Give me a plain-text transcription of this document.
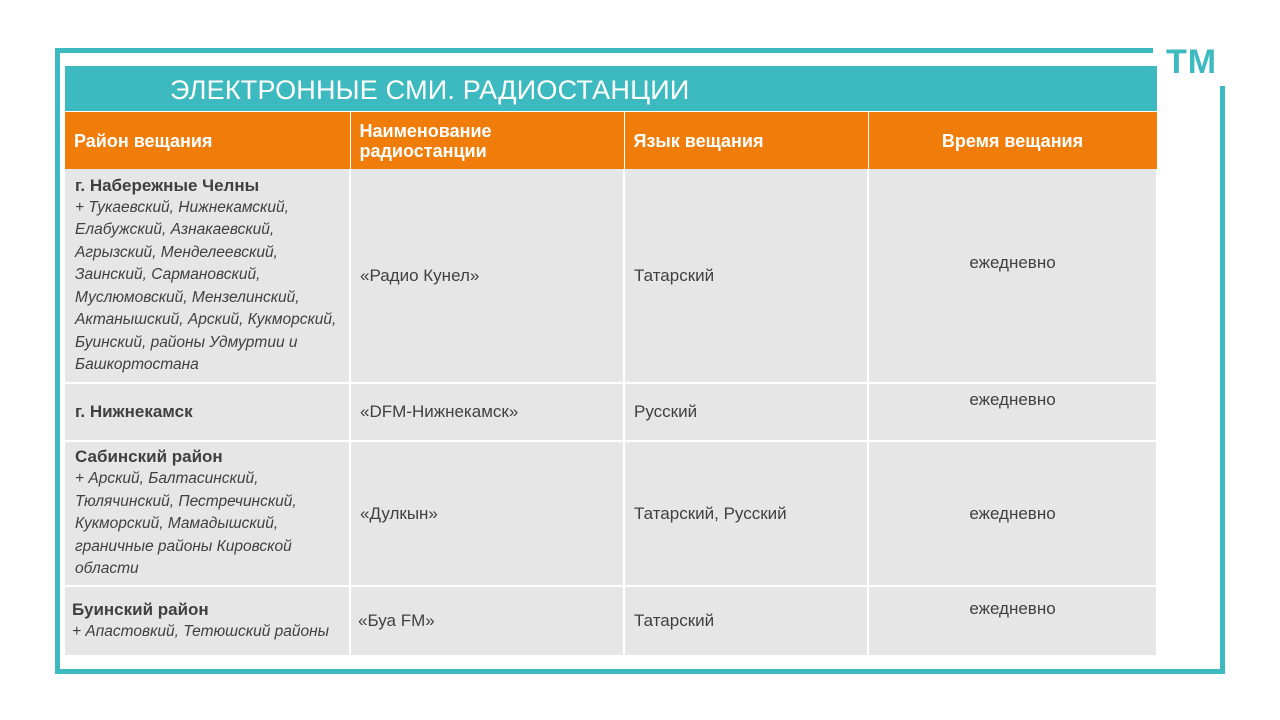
ТМ
ЭЛЕКТРОННЫЕ СМИ. РАДИОСТАНЦИИ
Район вещания	Наименование радиостанции	Язык вещания	Время вещания

г. Набережные Челны
+ Тукаевский, Нижнекамский, Елабужский, Азнакаевский, Агрызский, Менделеевский, Заинский, Сармановский, Муслюмовский, Мензелинский, Актанышский, Арский, Кукморский, Буинский, районы Удмуртии и Башкортостана	«Радио Кунел»	Татарский	ежедневно

г. Нижнекамск	«DFM-Нижнекамск»	Русский	ежедневно

Сабинский район
+ Арский, Балтасинский, Тюлячинский, Пестречинский, Кукморский, Мамадышский, граничные районы Кировской области	«Дулкын»	Татарский, Русский	ежедневно

Буинский район
+ Апастовкий, Тетюшский районы	«Буа FM»	Татарский	ежедневно
